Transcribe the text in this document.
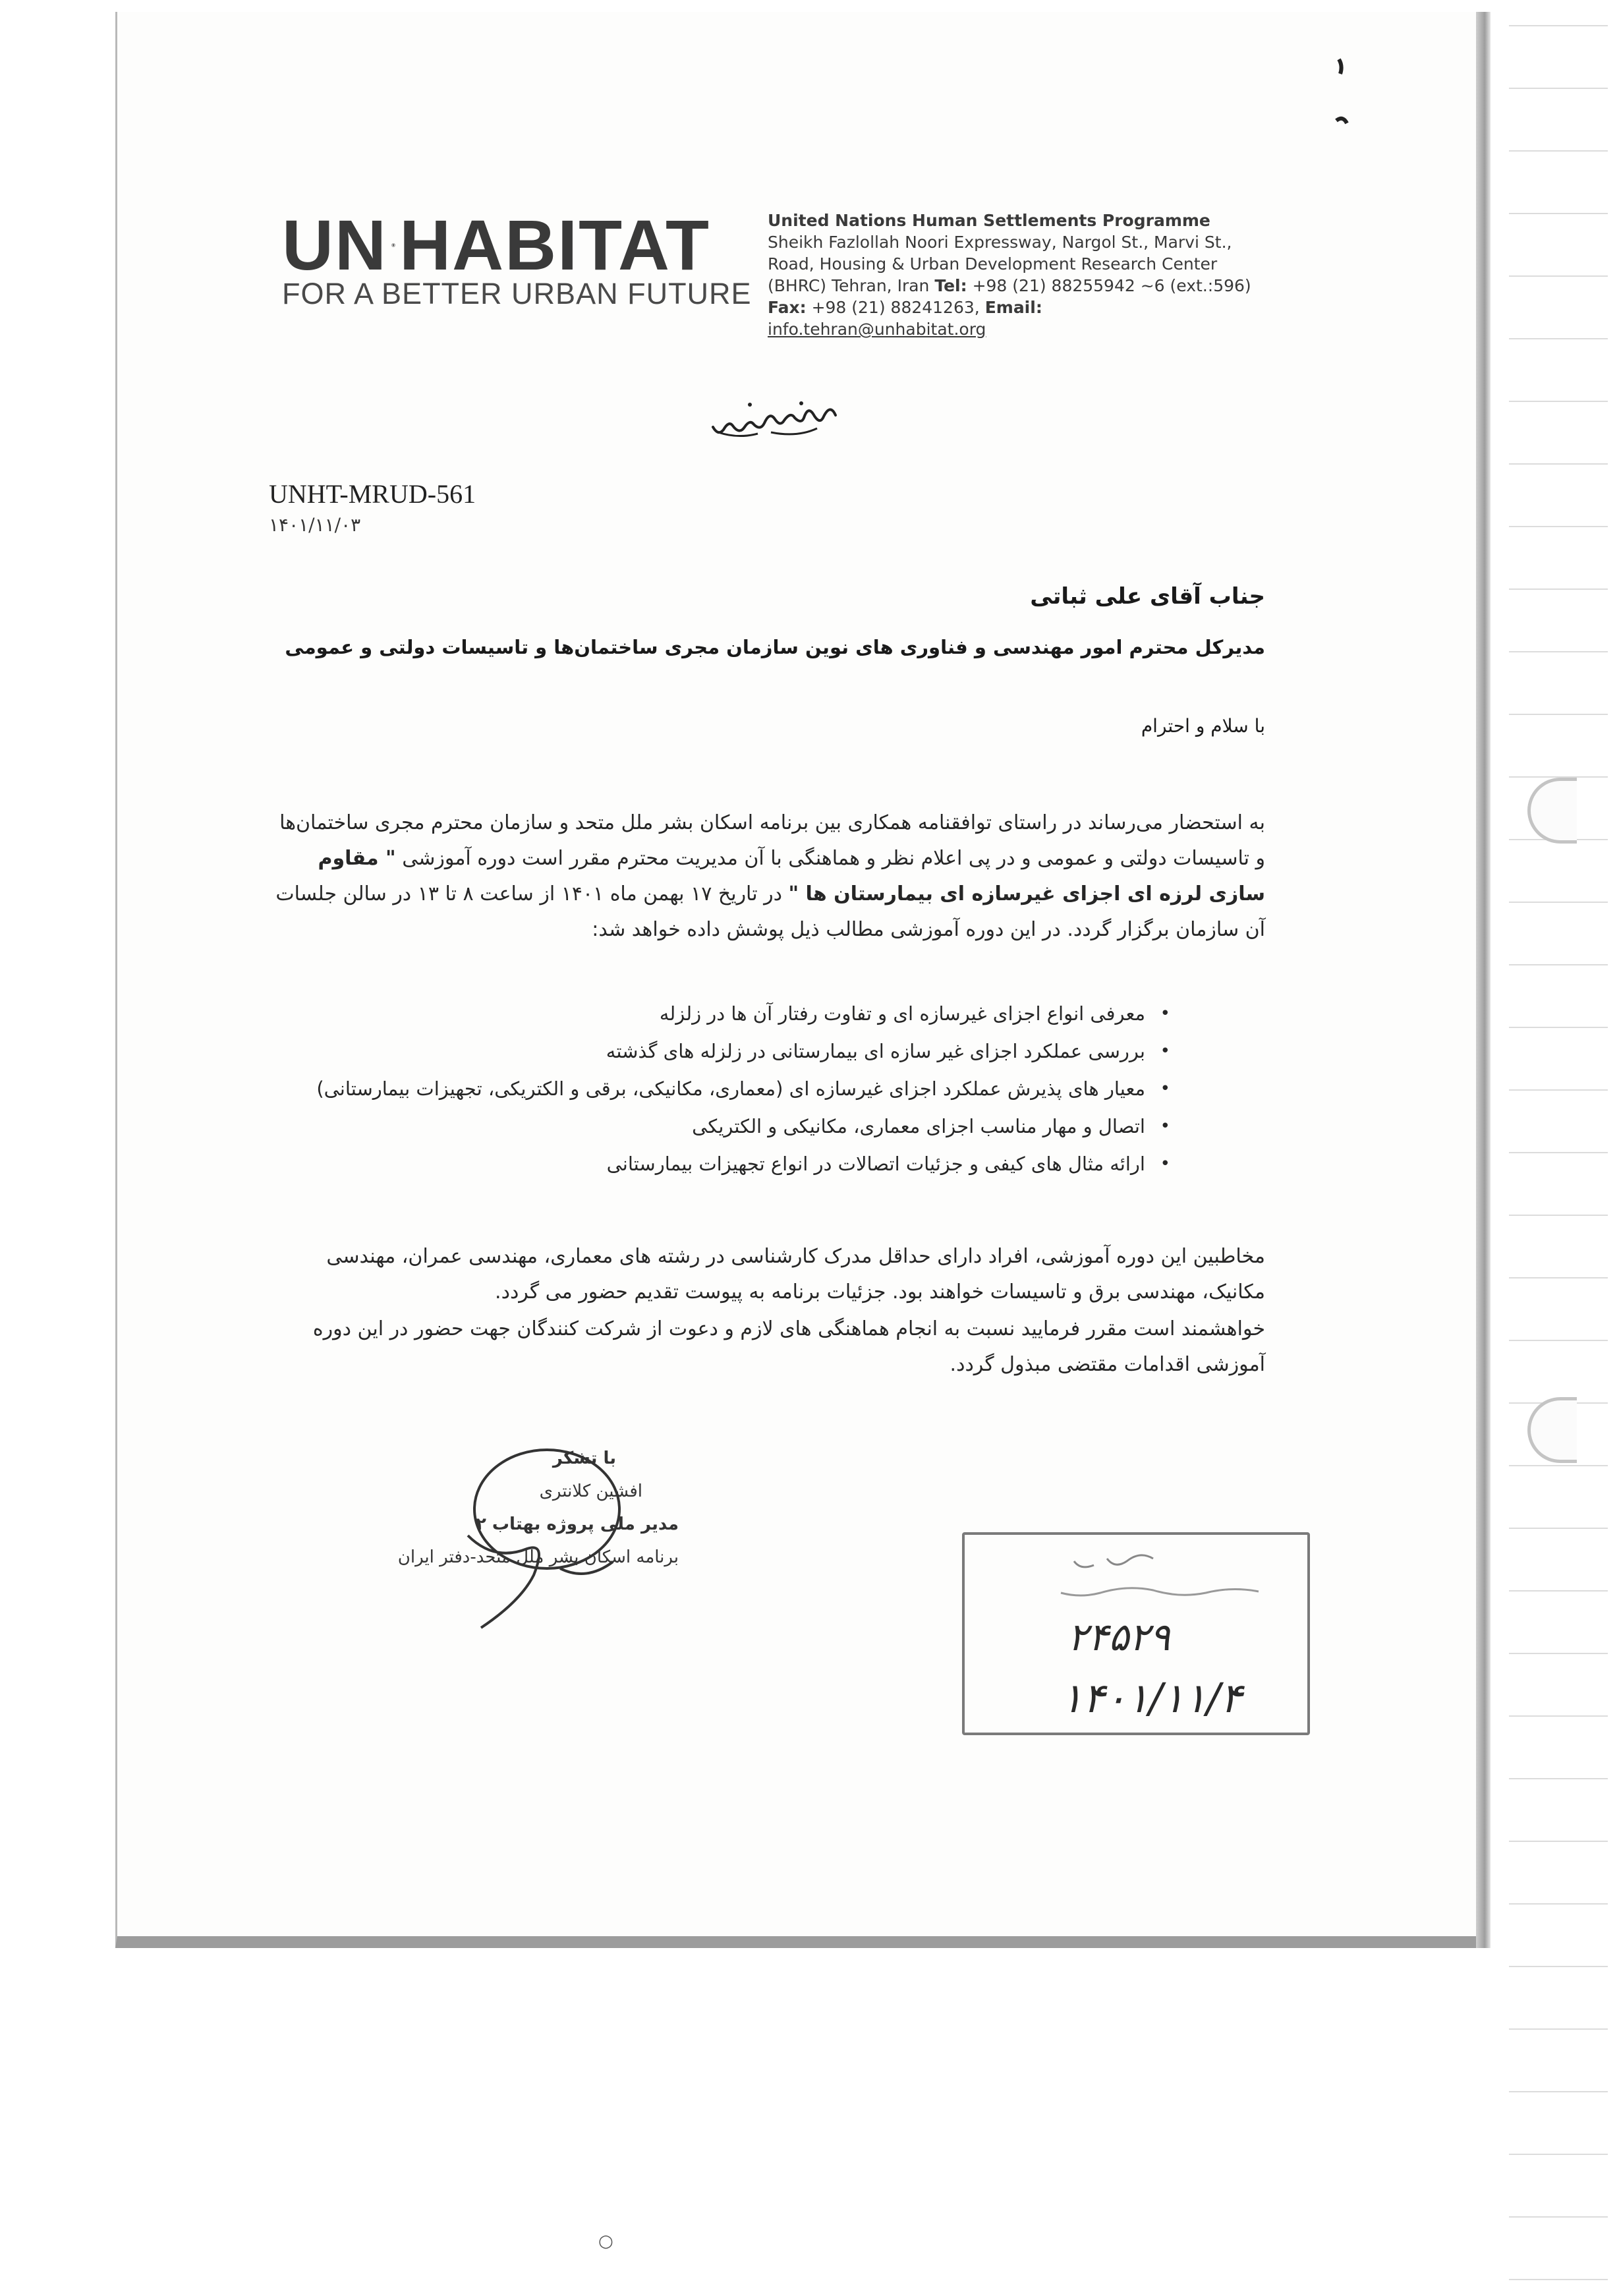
UN HABITAT
FOR A BETTER URBAN FUTURE
United Nations Human Settlements Programme
Sheikh Fazlollah Noori Expressway, Nargol St., Marvi St., Road, Housing & Urban Development Research Center (BHRC) Tehran, Iran Tel: +98 (21) 88255942 ~6 (ext.:596) Fax: +98 (21) 88241263, Email:
info.tehran@unhabitat.org
UNHT-MRUD-561
۱۴۰۱/۱۱/۰۳
جناب آقای علی ثباتی
مدیرکل محترم امور مهندسی و فناوری های نوین سازمان مجری ساختمان‌ها و تاسیسات دولتی و عمومی
با سلام و احترام
به استحضار می‌رساند در راستای توافقنامه همکاری بین برنامه اسکان بشر ملل متحد و سازمان محترم مجری ساختمان‌ها و تاسیسات دولتی و عمومی و در پی اعلام نظر و هماهنگی با آن مدیریت محترم مقرر است دوره آموزشی " مقاوم سازی لرزه ای اجزای غیرسازه ای بیمارستان ها " در تاریخ ۱۷ بهمن ماه ۱۴۰۱ از ساعت ۸ تا ۱۳ در سالن جلسات آن سازمان برگزار گردد. در این دوره آموزشی مطالب ذیل پوشش داده خواهد شد:
• معرفی انواع اجزای غیرسازه ای و تفاوت رفتار آن ها در زلزله
• بررسی عملکرد اجزای غیر سازه ای بیمارستانی در زلزله های گذشته
• معیار های پذیرش عملکرد اجزای غیرسازه ای (معماری، مکانیکی، برقی و الکتریکی، تجهیزات بیمارستانی)
• اتصال و مهار مناسب اجزای معماری، مکانیکی و الکتریکی
• ارائه مثال های کیفی و جزئیات اتصالات در انواع تجهیزات بیمارستانی
مخاطبین این دوره آموزشی، افراد دارای حداقل مدرک کارشناسی در رشته های معماری، مهندسی عمران، مهندسی مکانیک، مهندسی برق و تاسیسات خواهند بود. جزئیات برنامه به پیوست تقدیم حضور می گردد.
خواهشمند است مقرر فرمایید نسبت به انجام هماهنگی های لازم و دعوت از شرکت کنندگان جهت حضور در این دوره آموزشی اقدامات مقتضی مبذول گردد.
با تشکر
افشین کلانتری
مدیر ملی پروژه بهتاب ۲
برنامه اسکان بشر ملل متحد-دفتر ایران
۲۴۵۲۹
۱۴۰۱/۱۱/۴
○
